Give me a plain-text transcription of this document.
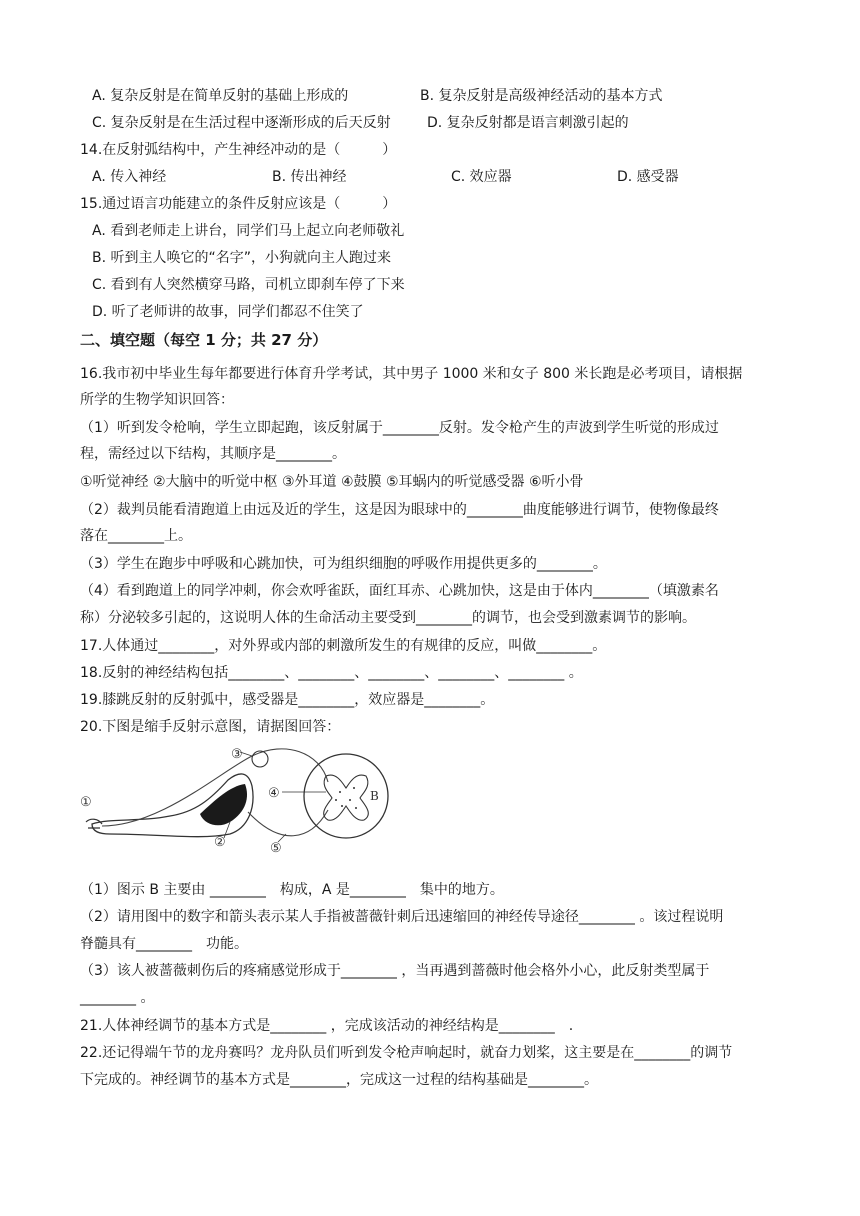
A. 复杂反射是在简单反射的基础上形成的	B. 复杂反射是高级神经活动的基本方式
C. 复杂反射是在生活过程中逐渐形成的后天反射	D. 复杂反射都是语言刺激引起的
14.在反射弧结构中，产生神经冲动的是（　　　）
A. 传入神经	B. 传出神经	C. 效应器	D. 感受器
15.通过语言功能建立的条件反射应该是（　　　）
A. 看到老师走上讲台，同学们马上起立向老师敬礼
B. 听到主人唤它的“名字”，小狗就向主人跑过来
C. 看到有人突然横穿马路，司机立即刹车停了下来
D. 听了老师讲的故事，同学们都忍不住笑了
二、填空题（每空 1 分；共 27 分）
16.我市初中毕业生每年都要进行体育升学考试，其中男子 1000 米和女子 800 米长跑是必考项目，请根据
所学的生物学知识回答：
（1）听到发令枪响，学生立即起跑，该反射属于________反射。发令枪产生的声波到学生听觉的形成过
程，需经过以下结构，其顺序是________。
①听觉神经 ②大脑中的听觉中枢 ③外耳道 ④鼓膜 ⑤耳蜗内的听觉感受器 ⑥听小骨
（2）裁判员能看清跑道上由远及近的学生，这是因为眼球中的________曲度能够进行调节，使物像最终
落在________上。
（3）学生在跑步中呼吸和心跳加快，可为组织细胞的呼吸作用提供更多的________。
（4）看到跑道上的同学冲刺，你会欢呼雀跃，面红耳赤、心跳加快，这是由于体内________（填激素名
称）分泌较多引起的，这说明人体的生命活动主要受到________的调节，也会受到激素调节的影响。
17.人体通过________，对外界或内部的刺激所发生的有规律的反应，叫做________。
18.反射的神经结构包括________、________、________、________、________ 。
19.膝跳反射的反射弧中，感受器是________，效应器是________。
20.下图是缩手反射示意图，请据图回答：
③
④
①
②	⑤
B
（1）图示 B 主要由 ________　构成，A 是________　集中的地方。
（2）请用图中的数字和箭头表示某人手指被蔷薇针刺后迅速缩回的神经传导途径________ 。该过程说明
脊髓具有________　功能。
（3）该人被蔷薇刺伤后的疼痛感觉形成于________ ，当再遇到蔷薇时他会格外小心，此反射类型属于
________ 。
21.人体神经调节的基本方式是________ ，完成该活动的神经结构是________　.
22.还记得端午节的龙舟赛吗？龙舟队员们听到发令枪声响起时，就奋力划桨，这主要是在________的调节
下完成的。神经调节的基本方式是________，完成这一过程的结构基础是________。
